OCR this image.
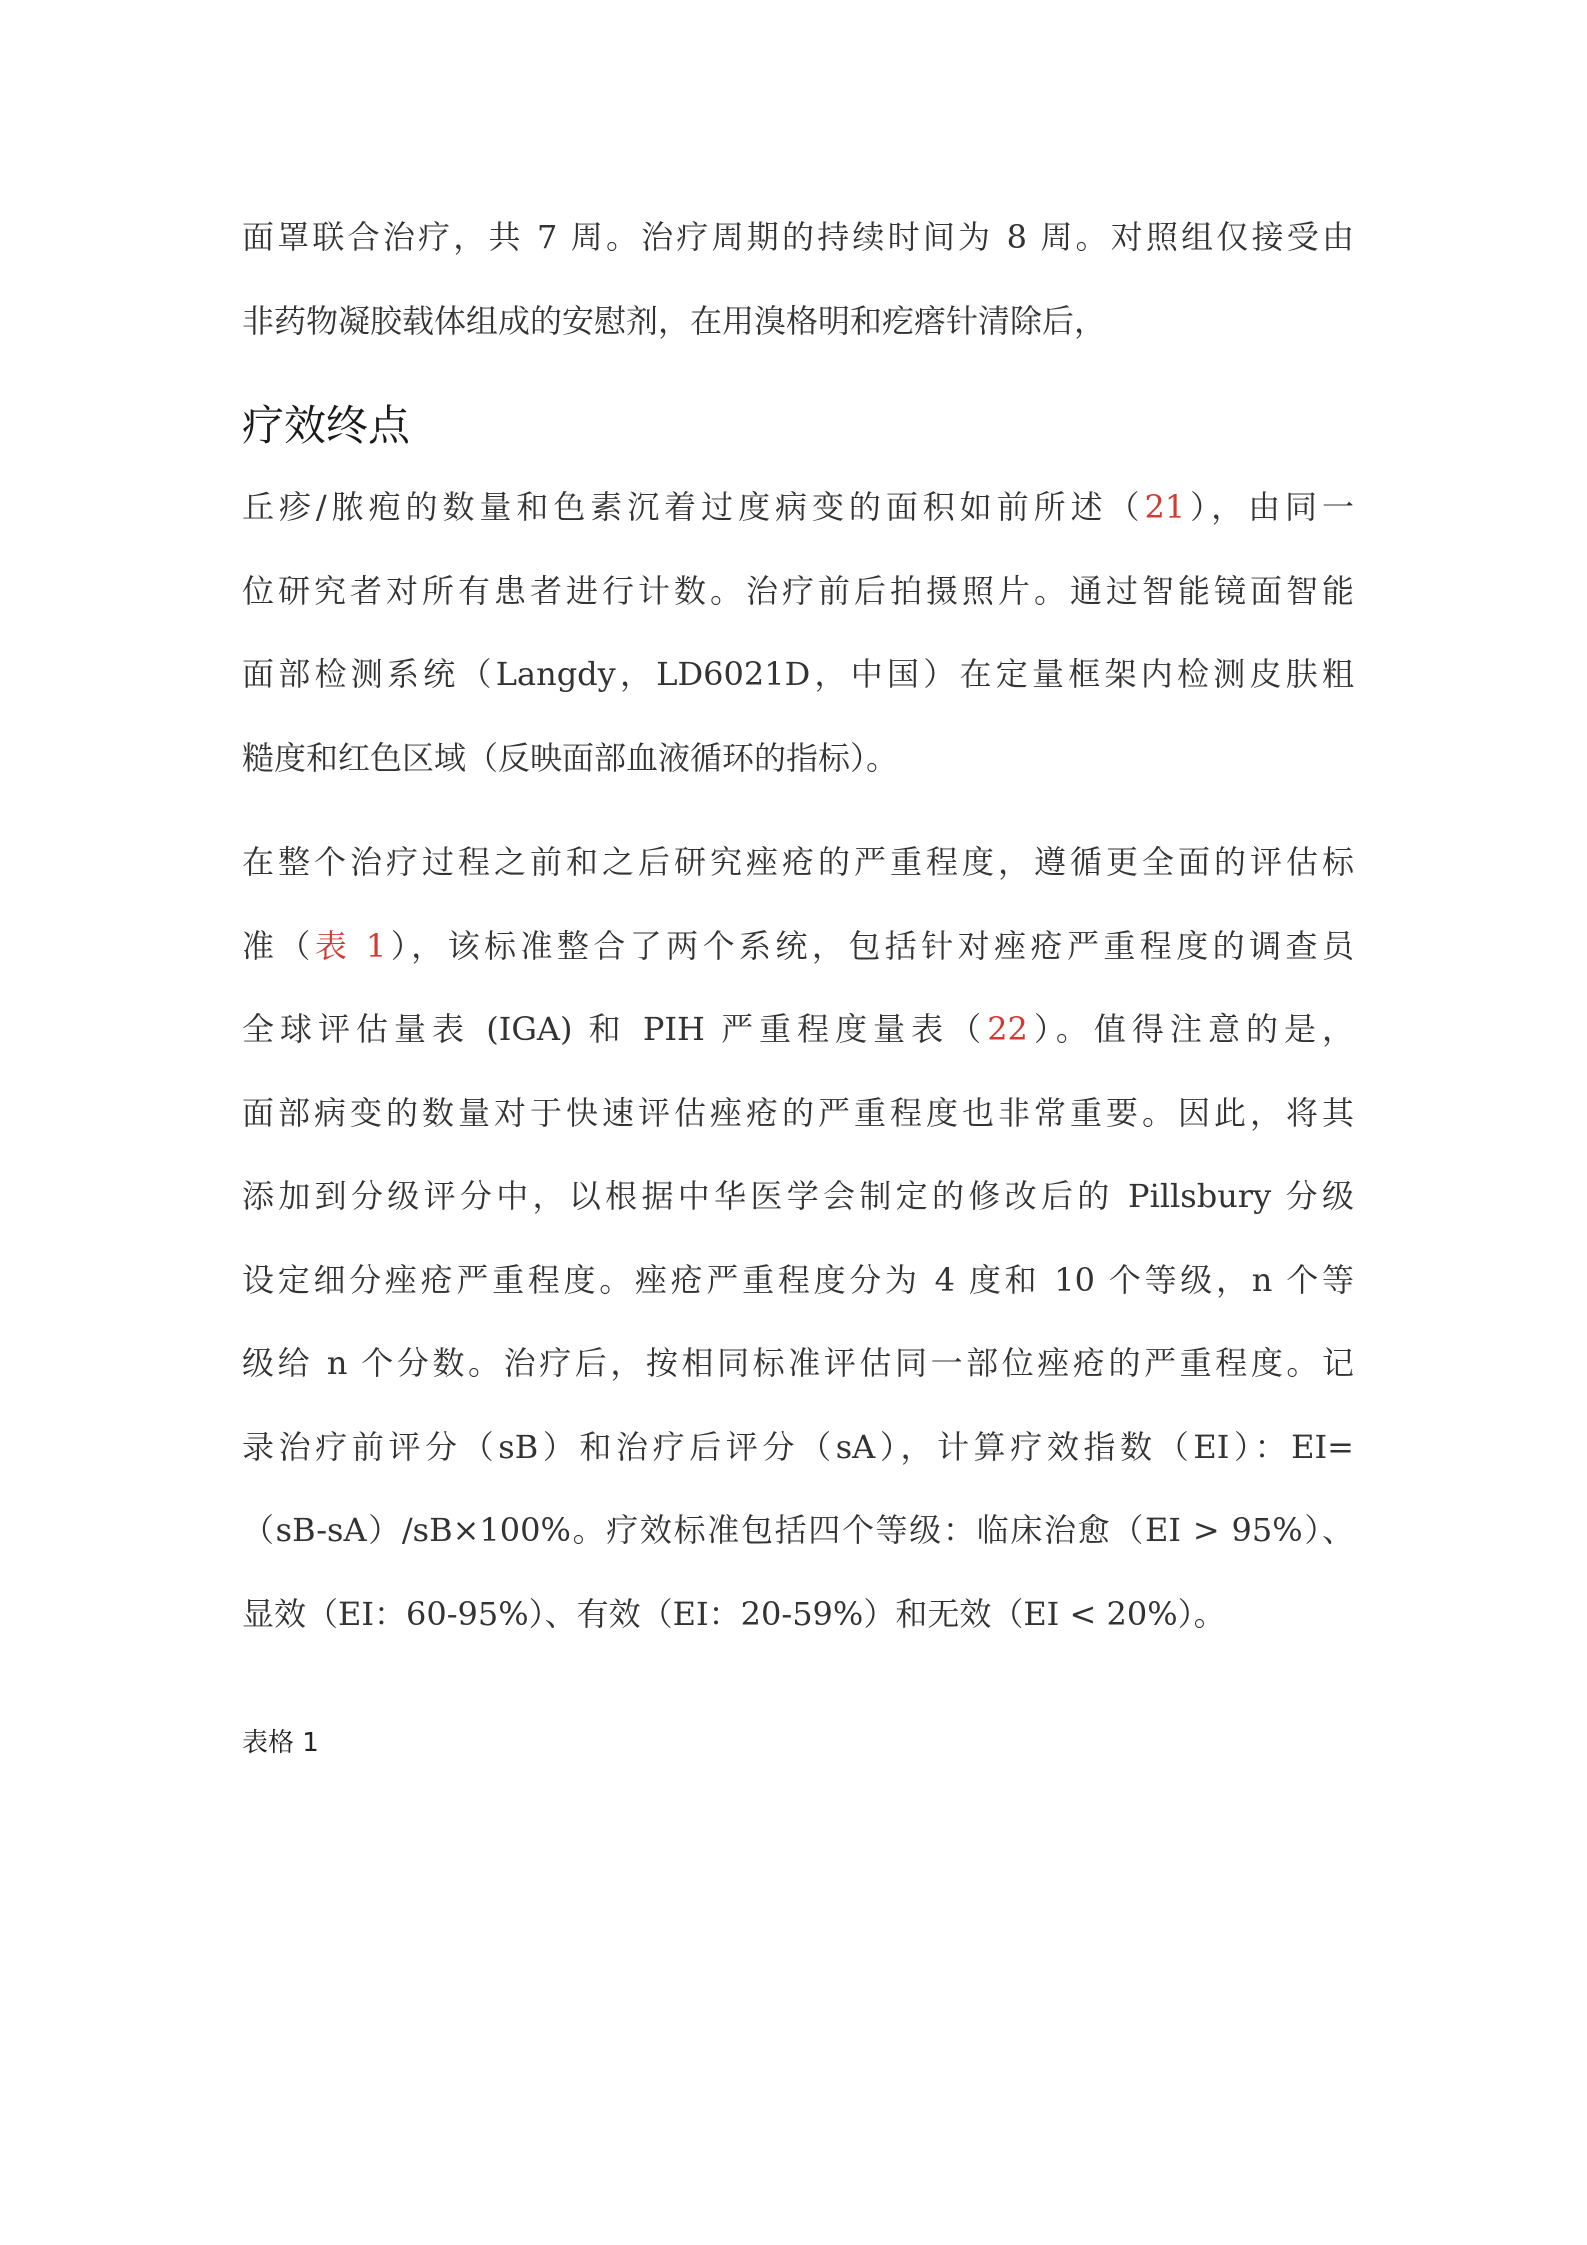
面罩联合治疗，共 7 周。治疗周期的持续时间为 8 周。对照组仅接受由
非药物凝胶载体组成的安慰剂，在用溴格明和疙瘩针清除后，
疗效终点
丘疹/脓疱的数量和色素沉着过度病变的面积如前所述（21），由同一
位研究者对所有患者进行计数。治疗前后拍摄照片。通过智能镜面智能
面部检测系统（Langdy，LD6021D，中国）在定量框架内检测皮肤粗
糙度和红色区域（反映面部血液循环的指标）。
在整个治疗过程之前和之后研究痤疮的严重程度，遵循更全面的评估标
准（表 1），该标准整合了两个系统，包括针对痤疮严重程度的调查员
全球评估量表 (IGA) 和 PIH 严重程度量表（22）。值得注意的是，
面部病变的数量对于快速评估痤疮的严重程度也非常重要。因此，将其
添加到分级评分中，以根据中华医学会制定的修改后的 Pillsbury 分级
设定细分痤疮严重程度。痤疮严重程度分为 4 度和 10 个等级，n 个等
级给 n 个分数。治疗后，按相同标准评估同一部位痤疮的严重程度。记
录治疗前评分（sB）和治疗后评分（sA），计算疗效指数（EI）：EI=
（sB-sA）/sB×100%。疗效标准包括四个等级：临床治愈（EI > 95%）、
显效（EI：60-95%）、有效（EI：20-59%）和无效（EI < 20%）。
表格 1
